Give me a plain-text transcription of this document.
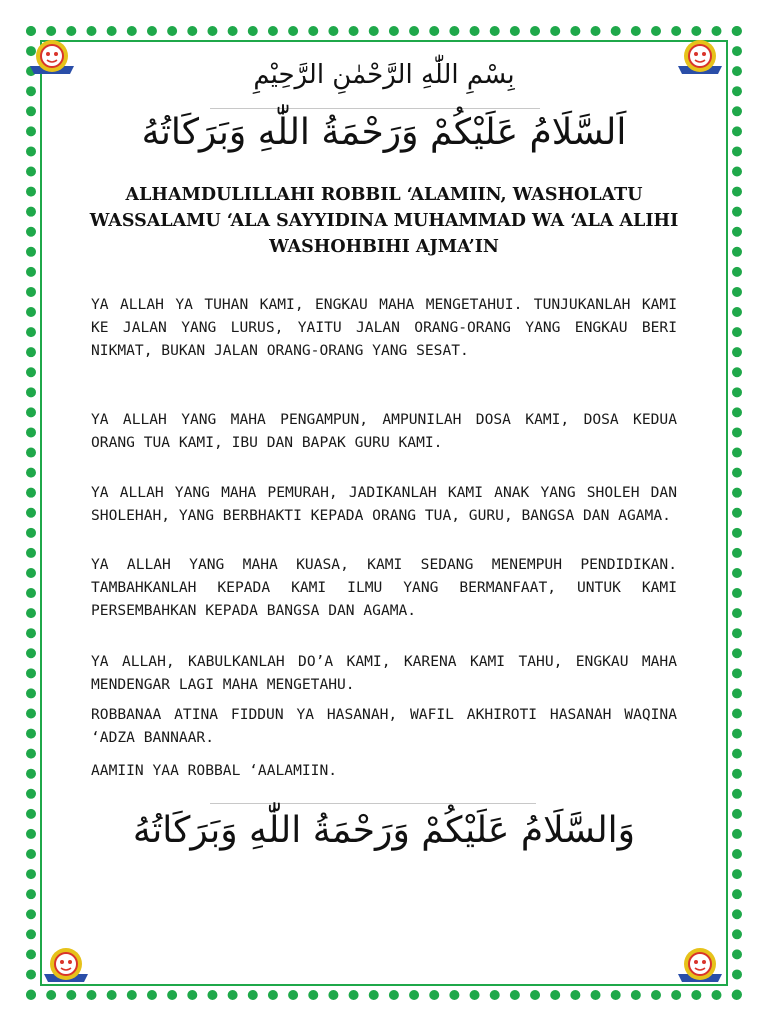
بِسْمِ اللّٰهِ الرَّحْمٰنِ الرَّحِيْمِ
اَلسَّلَامُ عَلَيْكُمْ وَرَحْمَةُ اللّٰهِ وَبَرَكَاتُهُ

ALHAMDULILLAHI ROBBIL ‘ALAMIIN, WASHOLATU WASSALAMU ‘ALA SAYYIDINA MUHAMMAD WA ‘ALA ALIHI WASHOHBIHI AJMA’IN

YA ALLAH YA TUHAN KAMI, ENGKAU MAHA MENGETAHUI. TUNJUKANLAH KAMI KE JALAN YANG LURUS, YAITU JALAN ORANG-ORANG YANG ENGKAU BERI NIKMAT, BUKAN JALAN ORANG-ORANG YANG SESAT.

YA ALLAH YANG MAHA PENGAMPUN, AMPUNILAH DOSA KAMI, DOSA KEDUA ORANG TUA KAMI, IBU DAN BAPAK GURU KAMI.

YA ALLAH YANG MAHA PEMURAH, JADIKANLAH KAMI ANAK YANG SHOLEH DAN SHOLEHAH, YANG BERBHAKTI KEPADA ORANG TUA, GURU, BANGSA DAN AGAMA.

YA ALLAH YANG MAHA KUASA, KAMI SEDANG MENEMPUH PENDIDIKAN. TAMBAHKANLAH KEPADA KAMI ILMU YANG BERMANFAAT, UNTUK KAMI PERSEMBAHKAN KEPADA BANGSA DAN AGAMA.

YA ALLAH, KABULKANLAH DO’A KAMI, KARENA KAMI TAHU, ENGKAU MAHA MENDENGAR LAGI MAHA MENGETAHU.

ROBBANAA ATINA FIDDUN YA HASANAH, WAFIL AKHIROTI HASANAH WAQINA ‘ADZA BANNAAR.

AAMIIN YAA ROBBAL ‘AALAMIIN.

وَالسَّلَامُ عَلَيْكُمْ وَرَحْمَةُ اللّٰهِ وَبَرَكَاتُهُ
